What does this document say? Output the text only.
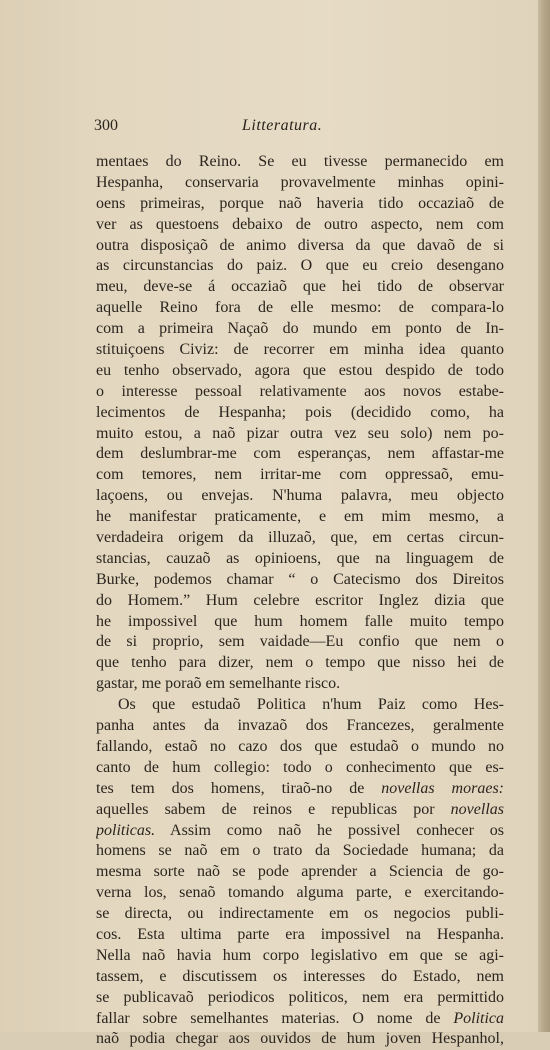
300	Litteratura.
mentaes do Reino. Se eu tivesse permanecido em
Hespanha, conservaria provavelmente minhas opini-
oens primeiras, porque naõ haveria tido occaziaõ de
ver as questoens debaixo de outro aspecto, nem com
outra disposiçaõ de animo diversa da que davaõ de si
as circunstancias do paiz. O que eu creio desengano
meu, deve-se á occaziaõ que hei tido de observar
aquelle Reino fora de elle mesmo: de compara-lo
com a primeira Naçaõ do mundo em ponto de In-
stituiçoens Civiz: de recorrer em minha idea quanto
eu tenho observado, agora que estou despido de todo
o interesse pessoal relativamente aos novos estabe-
lecimentos de Hespanha; pois (decidido como, ha
muito estou, a naõ pizar outra vez seu solo) nem po-
dem deslumbrar-me com esperanças, nem affastar-me
com temores, nem irritar-me com oppressaõ, emu-
laçoens, ou envejas. N'huma palavra, meu objecto
he manifestar praticamente, e em mim mesmo, a
verdadeira origem da illuzaõ, que, em certas circun-
stancias, cauzaõ as opinioens, que na linguagem de
Burke, podemos chamar “ o Catecismo dos Direitos
do Homem.” Hum celebre escritor Inglez dizia que
he impossivel que hum homem falle muito tempo
de si proprio, sem vaidade—Eu confio que nem o
que tenho para dizer, nem o tempo que nisso hei de
gastar, me poraõ em semelhante risco.
Os que estudaõ Politica n'hum Paiz como Hes-
panha antes da invazaõ dos Francezes, geralmente
fallando, estaõ no cazo dos que estudaõ o mundo no
canto de hum collegio: todo o conhecimento que es-
tes tem dos homens, tiraõ-no de novellas moraes:
aquelles sabem de reinos e republicas por novellas
politicas. Assim como naõ he possivel conhecer os
homens se naõ em o trato da Sociedade humana; da
mesma sorte naõ se pode aprender a Sciencia de go-
verna los, senaõ tomando alguma parte, e exercitando-
se directa, ou indirectamente em os negocios publi-
cos. Esta ultima parte era impossivel na Hespanha.
Nella naõ havia hum corpo legislativo em que se agi-
tassem, e discutissem os interesses do Estado, nem
se publicavaõ periodicos politicos, nem era permittido
fallar sobre semelhantes materias. O nome de Politica
naõ podia chegar aos ouvidos de hum joven Hespanhol,
